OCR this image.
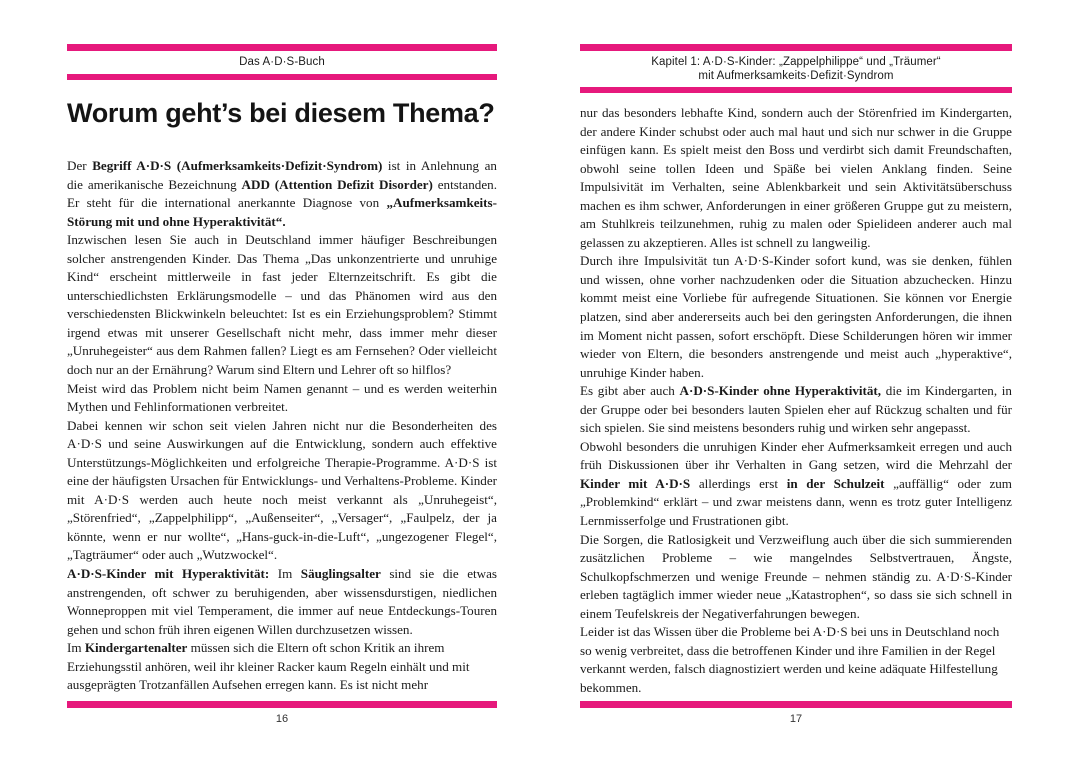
Das A·D·S-Buch
Worum geht’s bei diesem Thema?

Der Begriff A·D·S (Aufmerksamkeits·Defizit·Syndrom) ist in Anlehnung an die amerikanische Bezeichnung ADD (Attention Defizit Disorder) entstanden. Er steht für die international anerkannte Diagnose von „Aufmerksamkeits-Störung mit und ohne Hyperaktivität“.

Inzwischen lesen Sie auch in Deutschland immer häufiger Beschreibungen solcher anstrengenden Kinder. Das Thema „Das unkonzentrierte und unruhige Kind“ erscheint mittlerweile in fast jeder Elternzeitschrift. Es gibt die unterschiedlichsten Erklärungsmodelle – und das Phänomen wird aus den verschiedensten Blickwinkeln beleuchtet: Ist es ein Erziehungsproblem? Stimmt irgend etwas mit unserer Gesellschaft nicht mehr, dass immer mehr dieser „Unruhegeister“ aus dem Rahmen fallen? Liegt es am Fernsehen? Oder vielleicht doch nur an der Ernährung? Warum sind Eltern und Lehrer oft so hilflos?

Meist wird das Problem nicht beim Namen genannt – und es werden weiterhin Mythen und Fehlinformationen verbreitet.

Dabei kennen wir schon seit vielen Jahren nicht nur die Besonderheiten des A·D·S und seine Auswirkungen auf die Entwicklung, sondern auch effektive Unterstützungs-Möglichkeiten und erfolgreiche Therapie-Programme. A·D·S ist eine der häufigsten Ursachen für Entwicklungs- und Verhaltens-Probleme. Kinder mit A·D·S werden auch heute noch meist verkannt als „Unruhegeist“, „Störenfried“, „Zappelphilipp“, „Außenseiter“, „Versager“, „Faulpelz, der ja könnte, wenn er nur wollte“, „Hans-guck-in-die-Luft“, „ungezogener Flegel“, „Tagträumer“ oder auch „Wutzwockel“.

A·D·S-Kinder mit Hyperaktivität: Im Säuglingsalter sind sie die etwas anstrengenden, oft schwer zu beruhigenden, aber wissensdurstigen, niedlichen Wonneproppen mit viel Temperament, die immer auf neue Entdeckungs-Touren gehen und schon früh ihren eigenen Willen durchzusetzen wissen.

Im Kindergartenalter müssen sich die Eltern oft schon Kritik an ihrem Erziehungsstil anhören, weil ihr kleiner Racker kaum Regeln einhält und mit ausgeprägten Trotzanfällen Aufsehen erregen kann. Es ist nicht mehr

16
Kapitel 1: A·D·S-Kinder: „Zappelphilippe“ und „Träumer“
mit Aufmerksamkeits·Defizit·Syndrom

nur das besonders lebhafte Kind, sondern auch der Störenfried im Kindergarten, der andere Kinder schubst oder auch mal haut und sich nur schwer in die Gruppe einfügen kann. Es spielt meist den Boss und verdirbt sich damit Freundschaften, obwohl seine tollen Ideen und Späße bei vielen Anklang finden. Seine Impulsivität im Verhalten, seine Ablenkbarkeit und sein Aktivitätsüberschuss machen es ihm schwer, Anforderungen in einer größeren Gruppe gut zu meistern, am Stuhlkreis teilzunehmen, ruhig zu malen oder Spielideen anderer auch mal gelassen zu akzeptieren. Alles ist schnell zu langweilig.

Durch ihre Impulsivität tun A·D·S-Kinder sofort kund, was sie denken, fühlen und wissen, ohne vorher nachzudenken oder die Situation abzuchecken. Hinzu kommt meist eine Vorliebe für aufregende Situationen. Sie können vor Energie platzen, sind aber andererseits auch bei den geringsten Anforderungen, die ihnen im Moment nicht passen, sofort erschöpft. Diese Schilderungen hören wir immer wieder von Eltern, die besonders anstrengende und meist auch „hyperaktive“, unruhige Kinder haben.

Es gibt aber auch A·D·S-Kinder ohne Hyperaktivität, die im Kindergarten, in der Gruppe oder bei besonders lauten Spielen eher auf Rückzug schalten und für sich spielen. Sie sind meistens besonders ruhig und wirken sehr angepasst.

Obwohl besonders die unruhigen Kinder eher Aufmerksamkeit erregen und auch früh Diskussionen über ihr Verhalten in Gang setzen, wird die Mehrzahl der Kinder mit A·D·S allerdings erst in der Schulzeit „auffällig“ oder zum „Problemkind“ erklärt – und zwar meistens dann, wenn es trotz guter Intelligenz Lernmisserfolge und Frustrationen gibt.

Die Sorgen, die Ratlosigkeit und Verzweiflung auch über die sich summierenden zusätzlichen Probleme – wie mangelndes Selbstvertrauen, Ängste, Schulkopfschmerzen und wenige Freunde – nehmen ständig zu. A·D·S-Kinder erleben tagtäglich immer wieder neue „Katastrophen“, so dass sie sich schnell in einem Teufelskreis der Negativerfahrungen bewegen.

Leider ist das Wissen über die Probleme bei A·D·S bei uns in Deutschland noch so wenig verbreitet, dass die betroffenen Kinder und ihre Familien in der Regel verkannt werden, falsch diagnostiziert werden und keine adäquate Hilfestellung bekommen.

17
